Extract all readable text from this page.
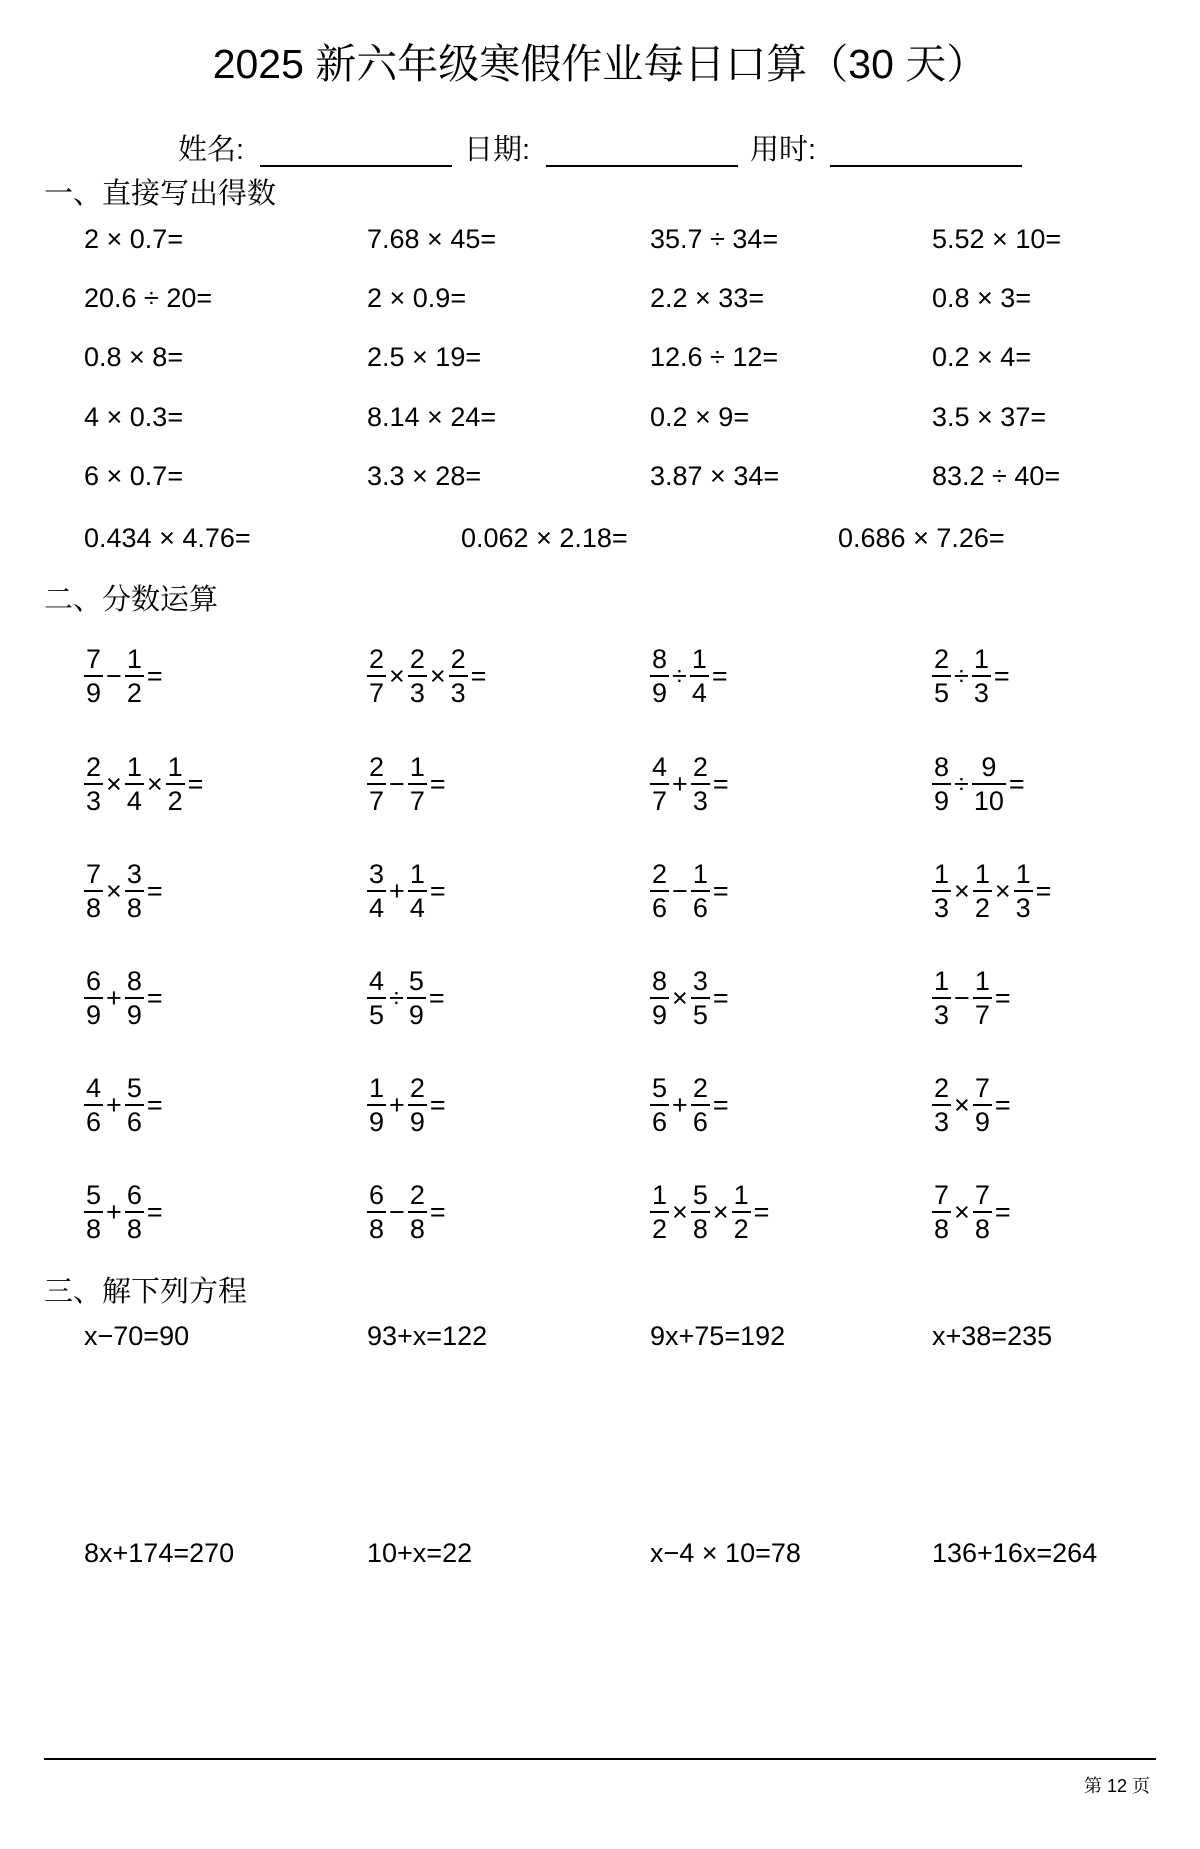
2025 新六年级寒假作业每日口算（30 天）
姓名:	日期:	用时:
一、直接写出得数
2 × 0.7=	7.68 × 45=	35.7 ÷ 34=	5.52 × 10=
20.6 ÷ 20=	2 × 0.9=	2.2 × 33=	0.8 × 3=
0.8 × 8=	2.5 × 19=	12.6 ÷ 12=	0.2 × 4=
4 × 0.3=	8.14 × 24=	0.2 × 9=	3.5 × 37=
6 × 0.7=	3.3 × 28=	3.87 × 34=	83.2 ÷ 40=
0.434 × 4.76=	0.062 × 2.18=	0.686 × 7.26=
二、分数运算
$\frac{7}{9} - \frac{1}{2}$ =	$\frac{2}{7} \times \frac{2}{3} \times \frac{2}{3}$ =	$\frac{8}{9} \div \frac{1}{4}$ =	$\frac{2}{5} \div \frac{1}{3}$ =
$\frac{2}{3} \times \frac{1}{4} \times \frac{1}{2}$ =	$\frac{2}{7} - \frac{1}{7}$ =	$\frac{4}{7} + \frac{2}{3}$ =	$\frac{8}{9} \div \frac{9}{10}$ =
$\frac{7}{8} \times \frac{3}{8}$ =	$\frac{3}{4} + \frac{1}{4}$ =	$\frac{2}{6} - \frac{1}{6}$ =	$\frac{1}{3} \times \frac{1}{2} \times \frac{1}{3}$ =
$\frac{6}{9} + \frac{8}{9}$ =	$\frac{4}{5} \div \frac{5}{9}$ =	$\frac{8}{9} \times \frac{3}{5}$ =	$\frac{1}{3} - \frac{1}{7}$ =
$\frac{4}{6} + \frac{5}{6}$ =	$\frac{1}{9} + \frac{2}{9}$ =	$\frac{5}{6} + \frac{2}{6}$ =	$\frac{2}{3} \times \frac{7}{9}$ =
$\frac{5}{8} + \frac{6}{8}$ =	$\frac{6}{8} - \frac{2}{8}$ =	$\frac{1}{2} \times \frac{5}{8} \times \frac{1}{2}$ =	$\frac{7}{8} \times \frac{7}{8}$ =
三、解下列方程
x−70=90	93+x=122	9x+75=192	x+38=235
8x+174=270	10+x=22	x−4 × 10=78	136+16x=264
第 12 页
